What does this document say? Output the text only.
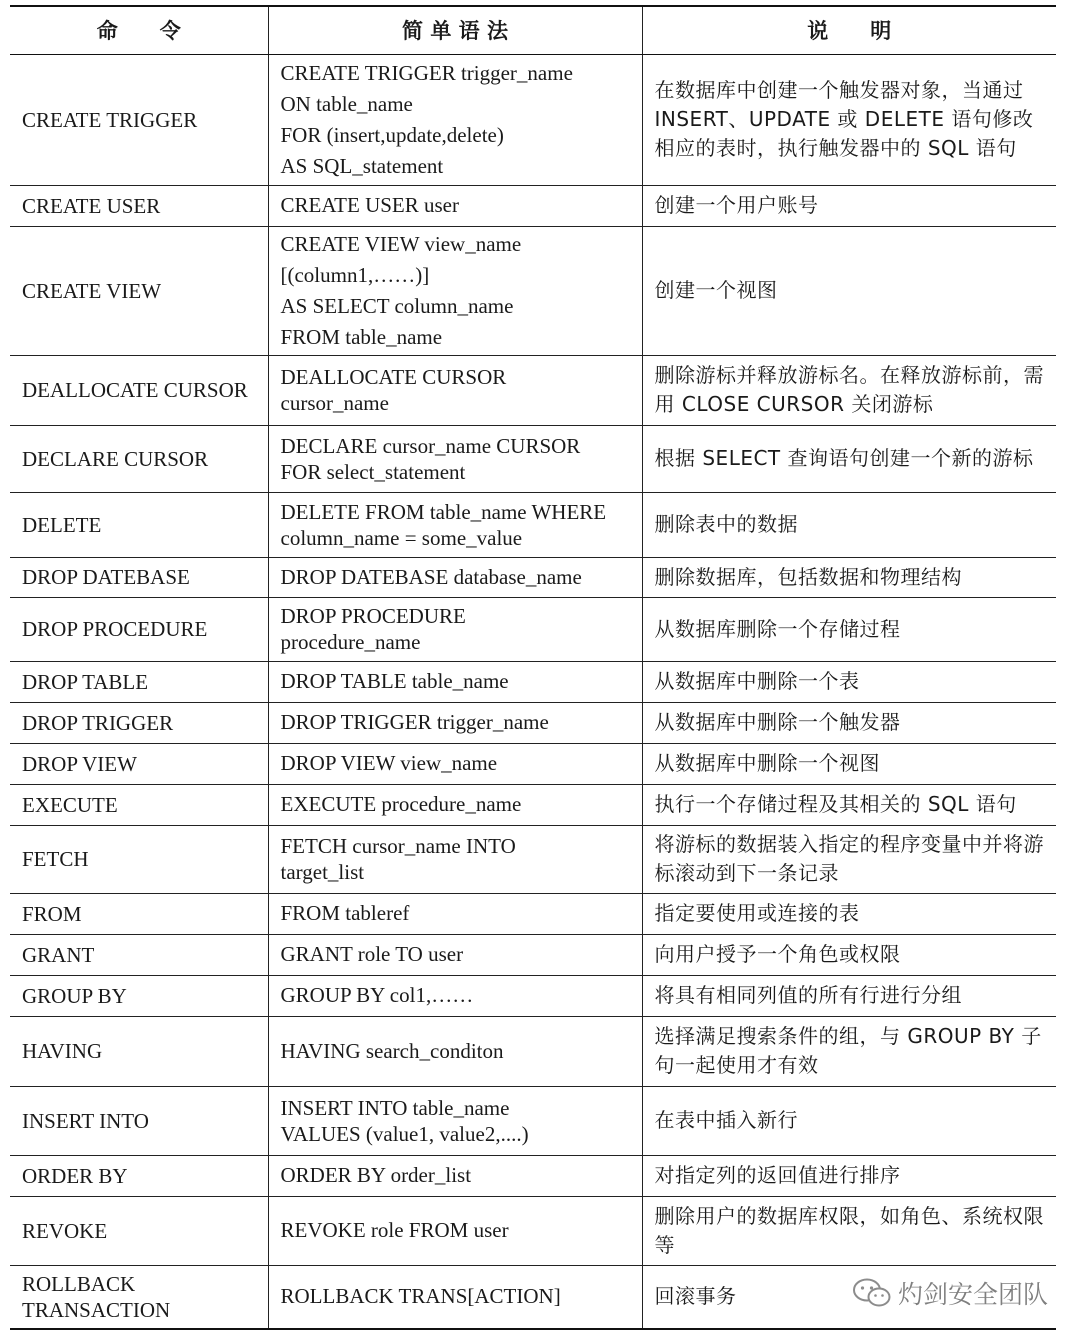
命　　令	简 单 语 法	说　　明
CREATE TRIGGER	CREATE TRIGGER trigger_name
ON table_name
FOR (insert,update,delete)
AS SQL_statement	在数据库中创建一个触发器对象，当通过 INSERT、UPDATE 或 DELETE 语句修改相应的表时，执行触发器中的 SQL 语句
CREATE USER	CREATE USER user	创建一个用户账号
CREATE VIEW	CREATE VIEW view_name
[(column1,……)]
AS SELECT column_name
FROM table_name	创建一个视图
DEALLOCATE CURSOR	DEALLOCATE CURSOR
cursor_name	删除游标并释放游标名。在释放游标前，需用 CLOSE CURSOR 关闭游标
DECLARE CURSOR	DECLARE cursor_name CURSOR
FOR select_statement	根据 SELECT 查询语句创建一个新的游标
DELETE	DELETE FROM table_name WHERE
column_name = some_value	删除表中的数据
DROP DATEBASE	DROP DATEBASE database_name	删除数据库，包括数据和物理结构
DROP PROCEDURE	DROP PROCEDURE
procedure_name	从数据库删除一个存储过程
DROP TABLE	DROP TABLE table_name	从数据库中删除一个表
DROP TRIGGER	DROP TRIGGER trigger_name	从数据库中删除一个触发器
DROP VIEW	DROP VIEW view_name	从数据库中删除一个视图
EXECUTE	EXECUTE procedure_name	执行一个存储过程及其相关的 SQL 语句
FETCH	FETCH cursor_name INTO
target_list	将游标的数据装入指定的程序变量中并将游标滚动到下一条记录
FROM	FROM tableref	指定要使用或连接的表
GRANT	GRANT role TO user	向用户授予一个角色或权限
GROUP BY	GROUP BY col1,……	将具有相同列值的所有行进行分组
HAVING	HAVING search_conditon	选择满足搜索条件的组，与 GROUP BY 子句一起使用才有效
INSERT INTO	INSERT INTO table_name
VALUES (value1, value2,....)	在表中插入新行
ORDER BY	ORDER BY order_list	对指定列的返回值进行排序
REVOKE	REVOKE role FROM user	删除用户的数据库权限，如角色、系统权限等
ROLLBACK TRANSACTION	ROLLBACK TRANS[ACTION]	回滚事务	灼剑安全团队
